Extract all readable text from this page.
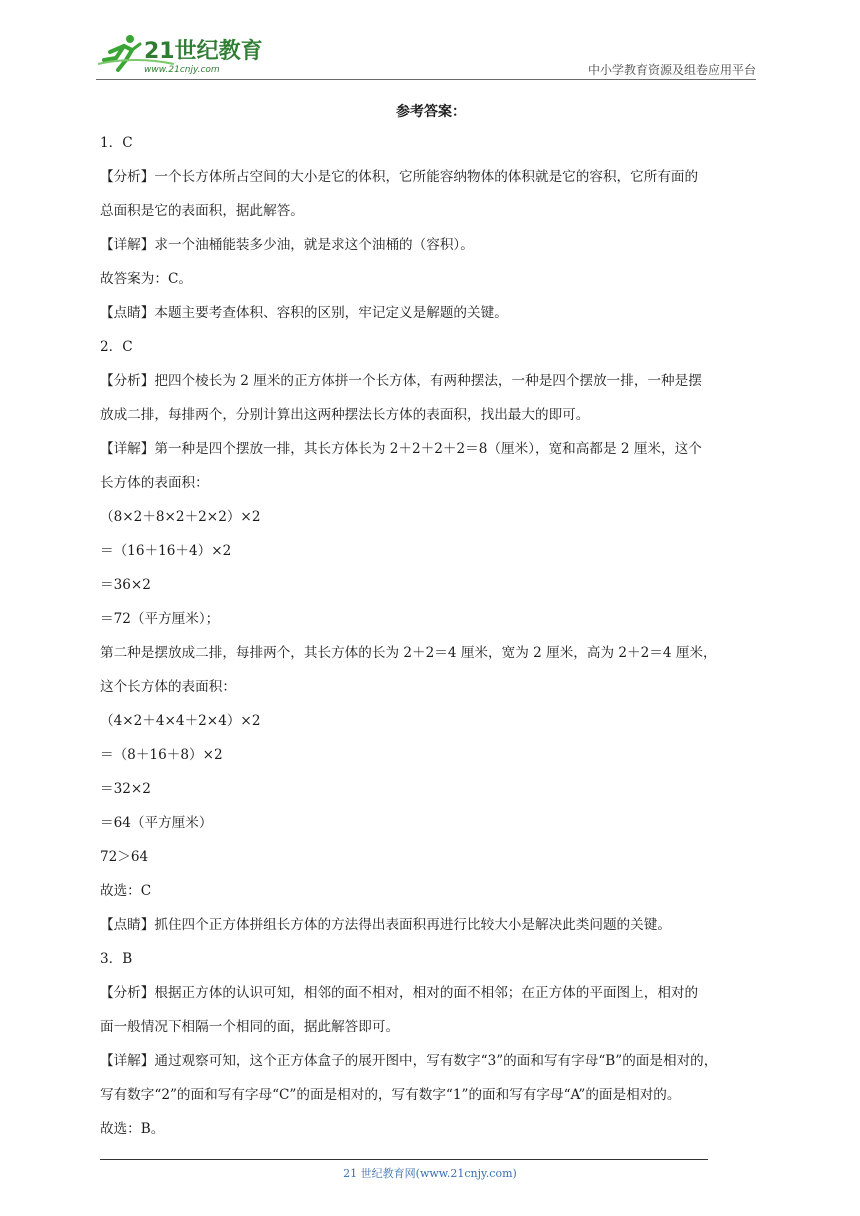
21世纪教育
www.21cnjy.com	中小学教育资源及组卷应用平台
参考答案：
1．C
【分析】一个长方体所占空间的大小是它的体积，它所能容纳物体的体积就是它的容积，它所有面的
总面积是它的表面积，据此解答。
【详解】求一个油桶能装多少油，就是求这个油桶的（容积）。
故答案为：C。
【点睛】本题主要考查体积、容积的区别，牢记定义是解题的关键。
2．C
【分析】把四个棱长为 2 厘米的正方体拼一个长方体，有两种摆法，一种是四个摆放一排，一种是摆
放成二排，每排两个，分别计算出这两种摆法长方体的表面积，找出最大的即可。
【详解】第一种是四个摆放一排，其长方体长为 2＋2＋2＋2＝8（厘米），宽和高都是 2 厘米，这个
长方体的表面积：
（8×2＋8×2＋2×2）×2
＝（16＋16＋4）×2
＝36×2
＝72（平方厘米）；
第二种是摆放成二排，每排两个，其长方体的长为 2＋2＝4 厘米，宽为 2 厘米，高为 2＋2＝4 厘米，
这个长方体的表面积：
（4×2＋4×4＋2×4）×2
＝（8＋16＋8）×2
＝32×2
＝64（平方厘米）
72＞64
故选：C
【点睛】抓住四个正方体拼组长方体的方法得出表面积再进行比较大小是解决此类问题的关键。
3．B
【分析】根据正方体的认识可知，相邻的面不相对，相对的面不相邻；在正方体的平面图上，相对的
面一般情况下相隔一个相同的面，据此解答即可。
【详解】通过观察可知，这个正方体盒子的展开图中，写有数字“3”的面和写有字母“B”的面是相对的，
写有数字“2”的面和写有字母“C”的面是相对的，写有数字“1”的面和写有字母“A”的面是相对的。
故选：B。
21 世纪教育网(www.21cnjy.com)
